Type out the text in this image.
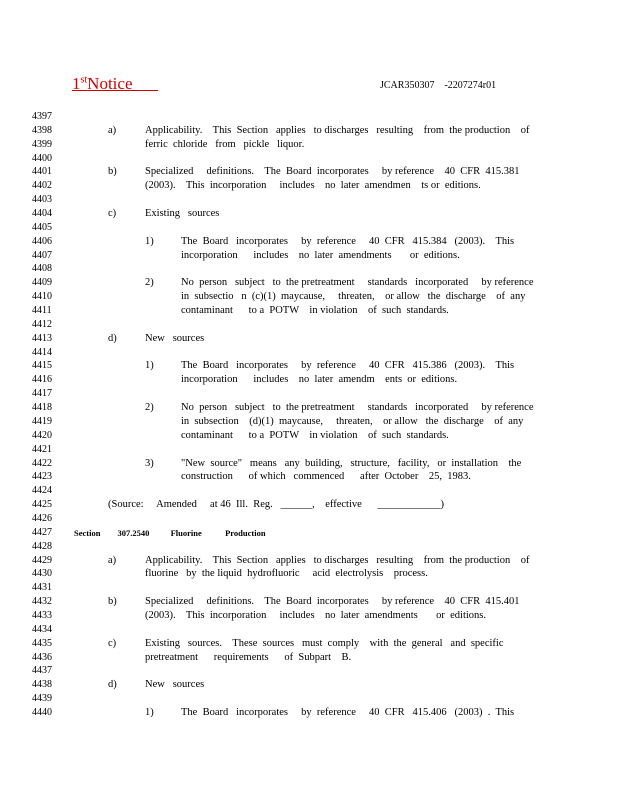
1stNotice	JCAR350307    -2207274r01
4397
4398
4399
4400
4401
4402
4403
4404
4405
4406
4407
4408
4409
4410
4411
4412
4413
4414
4415
4416
4417
4418
4419
4420
4421
4422
4423
4424
4425
4426
4427
4428
4429
4430
4431
4432
4433
4434
4435
4436
4437
4438
4439
4440
a)	Applicability.    This  Section   applies   to discharges   resulting    from  the production    of
ferric  chloride   from   pickle   liquor.
b)	Specialized     definitions.    The  Board  incorporates     by reference    40  CFR  415.381
(2003).    This  incorporation     includes    no  later  amendmen    ts or  editions.
c)	Existing   sources
1)	The  Board   incorporates     by  reference     40  CFR   415.384   (2003).    This
incorporation      includes    no  later  amendments       or  editions.
2)	No  person   subject   to  the pretreatment     standards   incorporated     by reference
in  subsectio   n  (c)(1)  maycause,     threaten,    or allow   the  discharge    of  any
contaminant      to a  POTW    in violation    of  such  standards.
d)	New   sources
1)	The  Board   incorporates     by  reference     40  CFR   415.386   (2003).    This
incorporation      includes    no  later  amendm    ents  or  editions.
2)	No  person   subject   to  the pretreatment     standards   incorporated     by reference
in  subsection    (d)(1)  maycause,     threaten,    or allow   the  discharge    of  any
contaminant      to a  POTW    in violation    of  such  standards.
3)	"New  source"   means   any  building,   structure,   facility,   or  installation    the
construction      of which   commenced      after  October    25,  1983.
(Source:     Amended     at 46  Ill.  Reg.   ______,    effective      ____________)
Section        307.2540          Fluorine           Production
a)	Applicability.    This  Section   applies   to discharges   resulting    from  the production    of
fluorine   by  the liquid  hydrofluoric     acid  electrolysis    process.
b)	Specialized     definitions.    The  Board  incorporates     by reference    40  CFR  415.401
(2003).    This  incorporation     includes    no  later  amendments       or  editions.
c)	Existing   sources.    These  sources   must  comply    with  the  general   and  specific
pretreatment      requirements      of  Subpart    B.
d)	New   sources
1)	The  Board   incorporates     by  reference     40  CFR   415.406   (2003)  .  This
